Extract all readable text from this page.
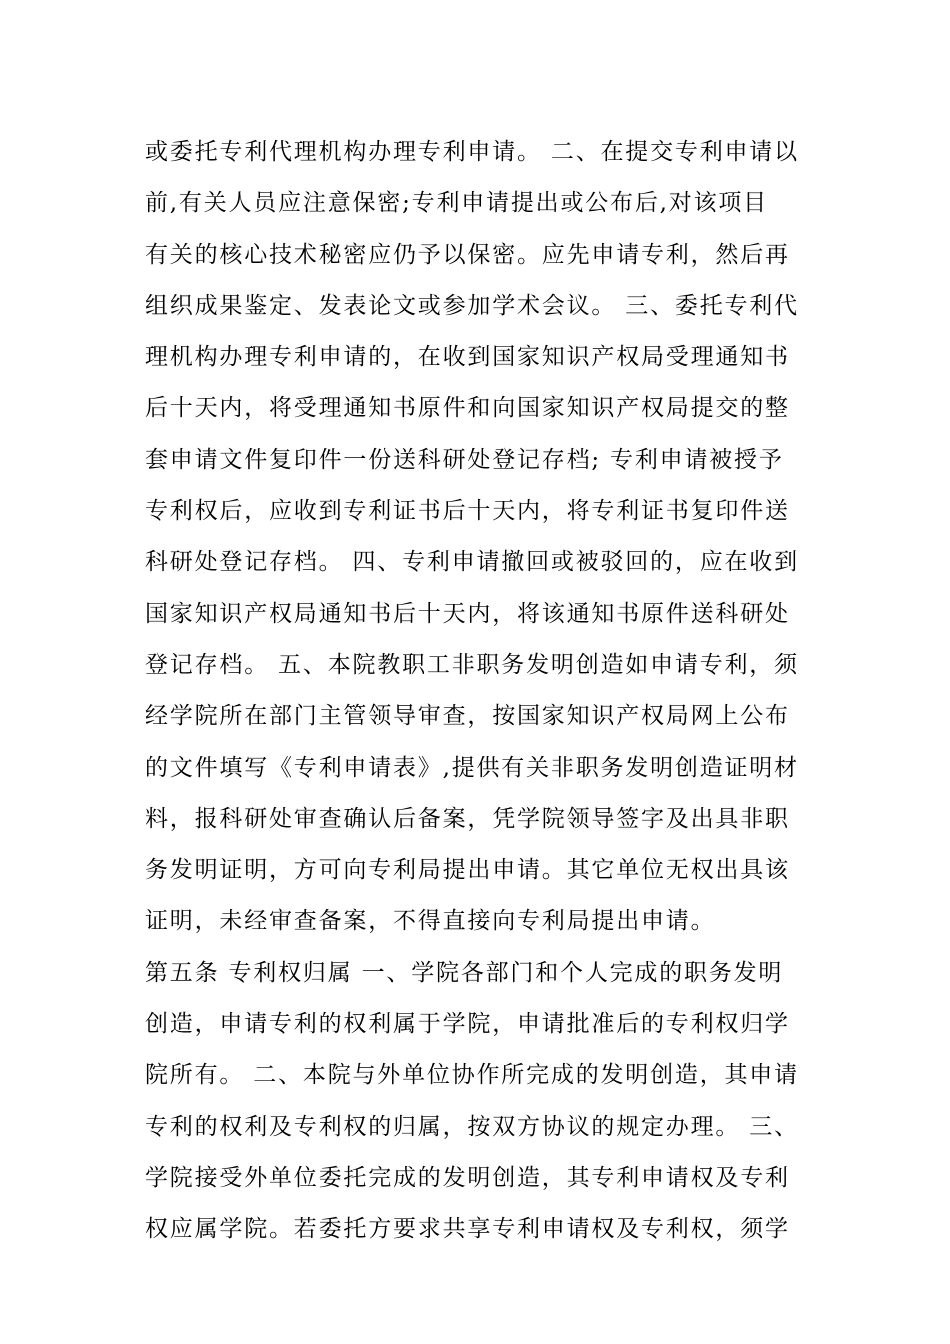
或委托专利代理机构办理专利申请。 二、在提交专利申请以
前,有关人员应注意保密;专利申请提出或公布后,对该项目
有关的核心技术秘密应仍予以保密。应先申请专利，然后再
组织成果鉴定、发表论文或参加学术会议。 三、委托专利代
理机构办理专利申请的，在收到国家知识产权局受理通知书
后十天内，将受理通知书原件和向国家知识产权局提交的整
套申请文件复印件一份送科研处登记存档; 专利申请被授予
专利权后，应收到专利证书后十天内，将专利证书复印件送
科研处登记存档。 四、专利申请撤回或被驳回的，应在收到
国家知识产权局通知书后十天内，将该通知书原件送科研处
登记存档。 五、本院教职工非职务发明创造如申请专利，须
经学院所在部门主管领导审查，按国家知识产权局网上公布
的文件填写《专利申请表》,提供有关非职务发明创造证明材
料，报科研处审查确认后备案，凭学院领导签字及出具非职
务发明证明，方可向专利局提出申请。其它单位无权出具该
证明，未经审查备案，不得直接向专利局提出申请。
第五条 专利权归属 一、学院各部门和个人完成的职务发明
创造，申请专利的权利属于学院，申请批准后的专利权归学
院所有。 二、本院与外单位协作所完成的发明创造，其申请
专利的权利及专利权的归属，按双方协议的规定办理。 三、
学院接受外单位委托完成的发明创造，其专利申请权及专利
权应属学院。若委托方要求共享专利申请权及专利权，须学
